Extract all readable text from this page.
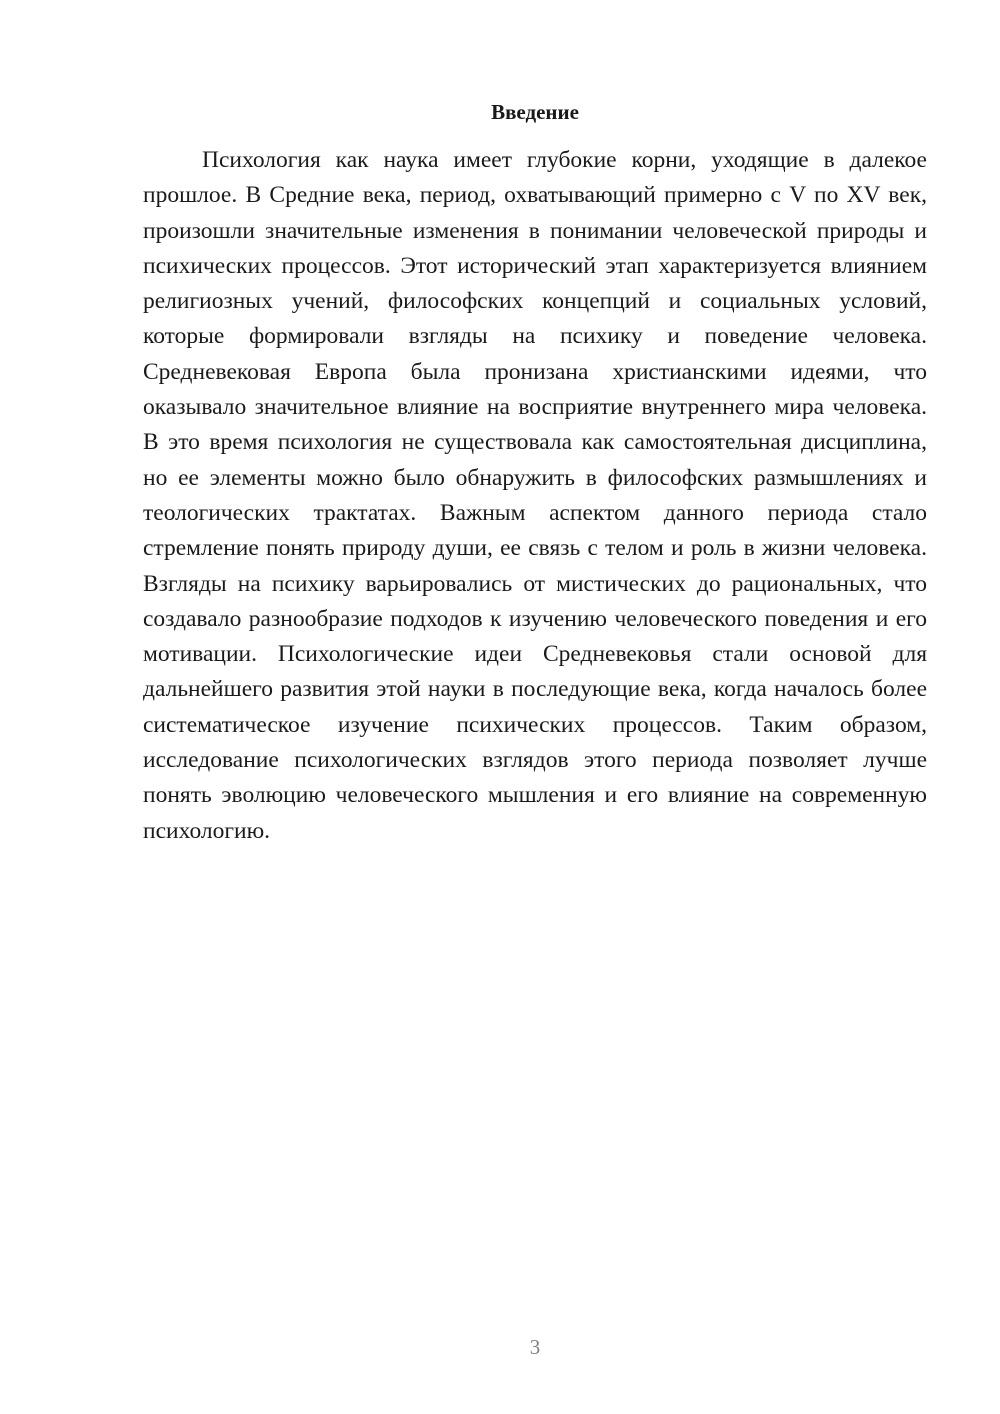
Введение

Психология как наука имеет глубокие корни, уходящие в далекое прошлое. В Средние века, период, охватывающий примерно с V по XV век, произошли значительные изменения в понимании человеческой природы и психических процессов. Этот исторический этап характеризуется влиянием религиозных учений, философских концепций и социальных условий, которые формировали взгляды на психику и поведение человека. Средневековая Европа была пронизана христианскими идеями, что оказывало значительное влияние на восприятие внутреннего мира человека. В это время психология не существовала как самостоятельная дисциплина, но ее элементы можно было обнаружить в философских размышлениях и теологических трактатах. Важным аспектом данного периода стало стремление понять природу души, ее связь с телом и роль в жизни человека. Взгляды на психику варьировались от мистических до рациональных, что создавало разнообразие подходов к изучению человеческого поведения и его мотивации. Психологические идеи Средневековья стали основой для дальнейшего развития этой науки в последующие века, когда началось более систематическое изучение психических процессов. Таким образом, исследование психологических взглядов этого периода позволяет лучше понять эволюцию человеческого мышления и его влияние на современную психологию.

3
